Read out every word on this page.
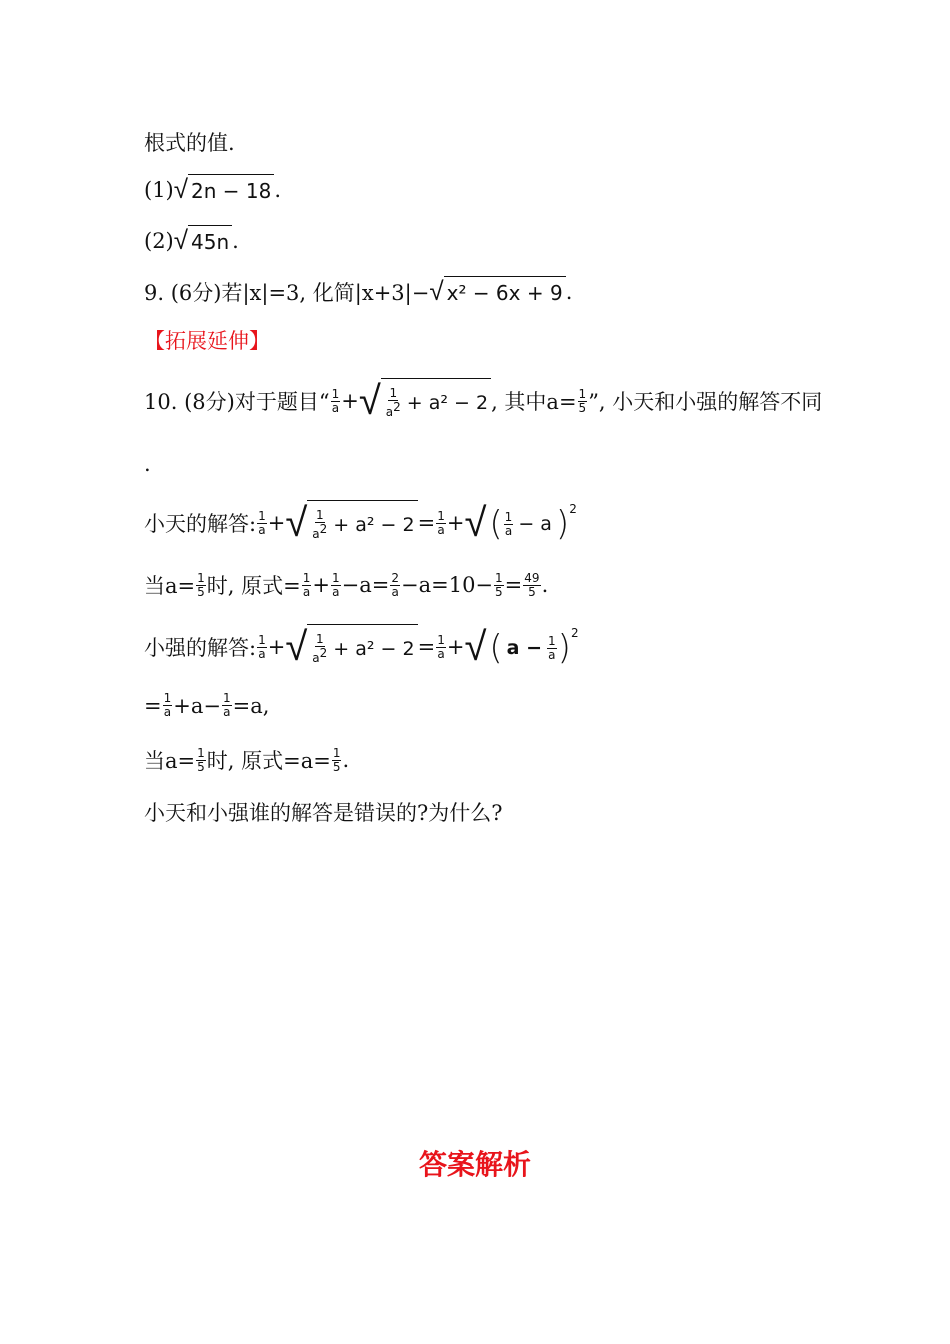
根式的值.
(1) √ 2n − 18 .
(2) √ 45n .
9. (6分)若 |x|=3, 化简|x+3|− √ x² − 6x + 9 .
【拓展延伸】
10. (8分)对于题目“ $\frac{1}{a}$ + √ $\frac{1}{a^2} + a^2 - 2$ , 其中$a= \frac{1}{5}$ ”, 小天和小强的解答不同
.
小天的解答: $\frac{1}{a}$ + √ $\frac{1}{a^2} + a^2 - 2 = \frac{1}{a}$ + √ ( $\frac{1}{a} - a$ )$^2$
当$a= \frac{1}{5}$ 时, 原式= $\frac{1}{a} + \frac{1}{a} - a= \frac{2}{a} - a=10- \frac{1}{5} = \frac{49}{5}$ .
小强的解答: $\frac{1}{a}$ + √ $\frac{1}{a^2} + a^2 - 2 = \frac{1}{a}$ + √ ( $a - \frac{1}{a} )^2$
= $\frac{1}{a} + a - \frac{1}{a} =a$,
当$a= \frac{1}{5}$ 时, 原式$=a= \frac{1}{5}$ .
小天和小强谁的解答是错误的?为什么?
答案解析
